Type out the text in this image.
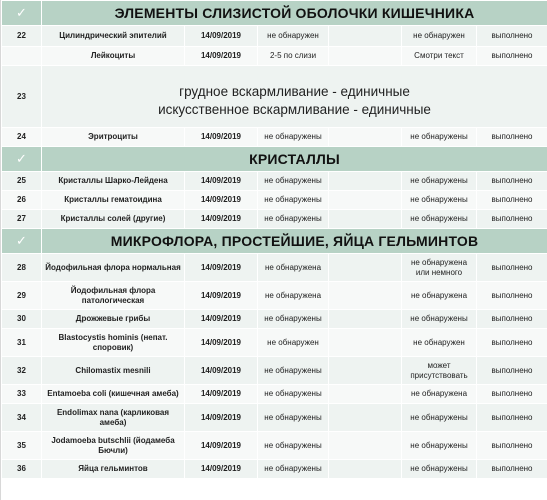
✓	ЭЛЕМЕНТЫ СЛИЗИСТОЙ ОБОЛОЧКИ КИШЕЧНИКА					
22	Цилиндрический эпителий	14/09/2019	не обнаружен		не обнаружен	выполнено
	Лейкоциты	14/09/2019	2-5 по слизи		Смотри текст	выполнено
23	грудное вскармливание - единичные
искусственное вскармливание - единичные					

24	Эритроциты	14/09/2019	не обнаружены		не обнаружены	выполнено
✓	КРИСТАЛЛЫ					
25	Кристаллы Шарко-Лейдена	14/09/2019	не обнаружены		не обнаружены	выполнено
26	Кристаллы гематоидина	14/09/2019	не обнаружены		не обнаружены	выполнено
27	Кристаллы солей (другие)	14/09/2019	не обнаружены		не обнаружены	выполнено
✓	МИКРОФЛОРА, ПРОСТЕЙШИЕ, ЯЙЦА ГЕЛЬМИНТОВ					
28	Йодофильная флора нормальная	14/09/2019	не обнаружена		не обнаружена или немного	выполнено
29	Йодофильная флора патологическая	14/09/2019	не обнаружена		не обнаружена	выполнено
30	Дрожжевые грибы	14/09/2019	не обнаружены		не обнаружены	выполнено
31	Blastocystis hominis (непат. споровик)	14/09/2019	не обнаружен		не обнаружен	выполнено
32	Chilomastix mesnili	14/09/2019	не обнаружены		может присутствовать	выполнено
33	Entamoeba coli (кишечная амеба)	14/09/2019	не обнаружены		не обнаружена	выполнено
34	Endolimax nana (карликовая амеба)	14/09/2019	не обнаружены		не обнаружены	выполнено
35	Jodamoeba butschlii (йодамеба Бючли)	14/09/2019	не обнаружены		не обнаружены	выполнено
36	Яйца гельминтов	14/09/2019	не обнаружены		не обнаружены	выполнено
